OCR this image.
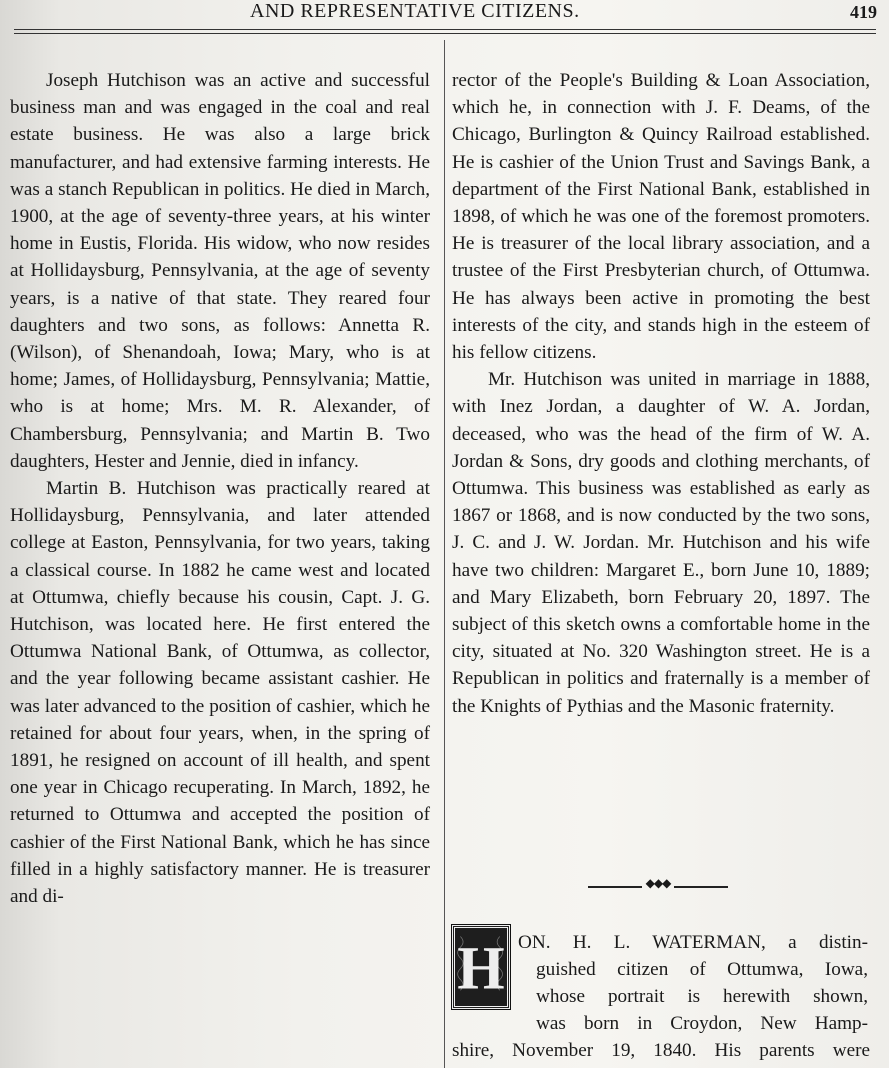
AND REPRESENTATIVE CITIZENS.	419

Joseph Hutchison was an active and successful business man and was engaged in the coal and real estate business. He was also a large brick manufacturer, and had extensive farming interests. He was a stanch Republican in politics. He died in March, 1900, at the age of seventy-three years, at his winter home in Eustis, Florida. His widow, who now resides at Hollidaysburg, Pennsylvania, at the age of seventy years, is a native of that state. They reared four daughters and two sons, as follows: Annetta R. (Wilson), of Shenandoah, Iowa; Mary, who is at home; James, of Hollidaysburg, Pennsylvania; Mattie, who is at home; Mrs. M. R. Alexander, of Chambersburg, Pennsylvania; and Martin B. Two daughters, Hester and Jennie, died in infancy.

Martin B. Hutchison was practically reared at Hollidaysburg, Pennsylvania, and later attended college at Easton, Pennsylvania, for two years, taking a classical course. In 1882 he came west and located at Ottumwa, chiefly because his cousin, Capt. J. G. Hutchison, was located here. He first entered the Ottumwa National Bank, of Ottumwa, as collector, and the year following became assistant cashier. He was later advanced to the position of cashier, which he retained for about four years, when, in the spring of 1891, he resigned on account of ill health, and spent one year in Chicago recuperating. In March, 1892, he returned to Ottumwa and accepted the position of cashier of the First National Bank, which he has since filled in a highly satisfactory manner. He is treasurer and di-

rector of the People's Building & Loan Association, which he, in connection with J. F. Deams, of the Chicago, Burlington & Quincy Railroad established. He is cashier of the Union Trust and Savings Bank, a department of the First National Bank, established in 1898, of which he was one of the foremost promoters. He is treasurer of the local library association, and a trustee of the First Presbyterian church, of Ottumwa. He has always been active in promoting the best interests of the city, and stands high in the esteem of his fellow citizens.

Mr. Hutchison was united in marriage in 1888, with Inez Jordan, a daughter of W. A. Jordan, deceased, who was the head of the firm of W. A. Jordan & Sons, dry goods and clothing merchants, of Ottumwa. This business was established as early as 1867 or 1868, and is now conducted by the two sons, J. C. and J. W. Jordan. Mr. Hutchison and his wife have two children: Margaret E., born June 10, 1889; and Mary Elizabeth, born February 20, 1897. The subject of this sketch owns a comfortable home in the city, situated at No. 320 Washington street. He is a Republican in politics and fraternally is a member of the Knights of Pythias and the Masonic fraternity.

◆◆◆
H ON. H. L. WATERMAN, a distin-
guished citizen of Ottumwa, Iowa,
whose portrait is herewith shown,
was born in Croydon, New Hamp-
shire, November 19, 1840. His parents were
